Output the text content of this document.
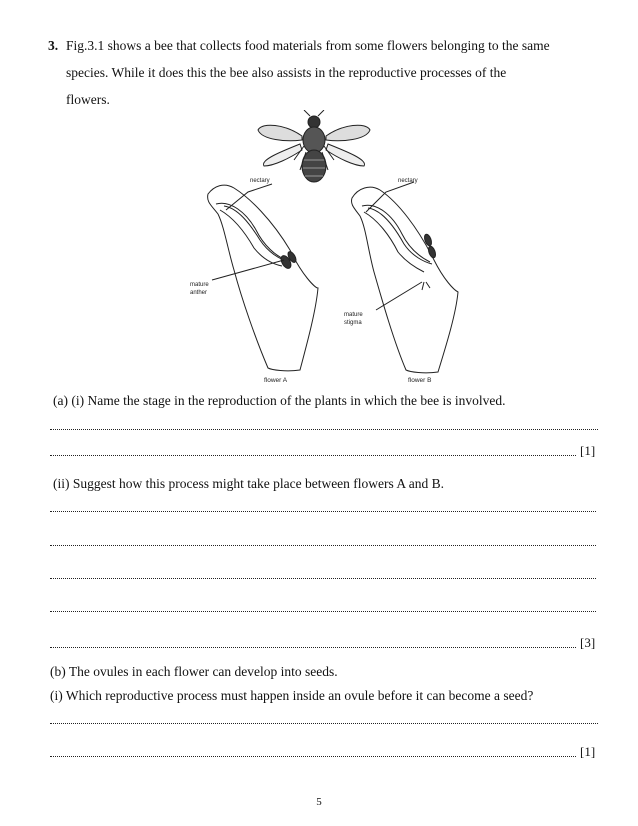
3. Fig.3.1 shows a bee that collects food materials from some flowers belonging to the same
species. While it does this the bee also assists in the reproductive processes of the
flowers.
nectary	nectary
mature
anther
mature
stigma
flower A	flower B
(a) (i) Name the stage in the reproduction of the plants in which the bee is involved.
[1]
(ii) Suggest how this process might take place between flowers A and B.
[3]
(b) The ovules in each flower can develop into seeds.
(i) Which reproductive process must happen inside an ovule before it can become a seed?
[1]
5
